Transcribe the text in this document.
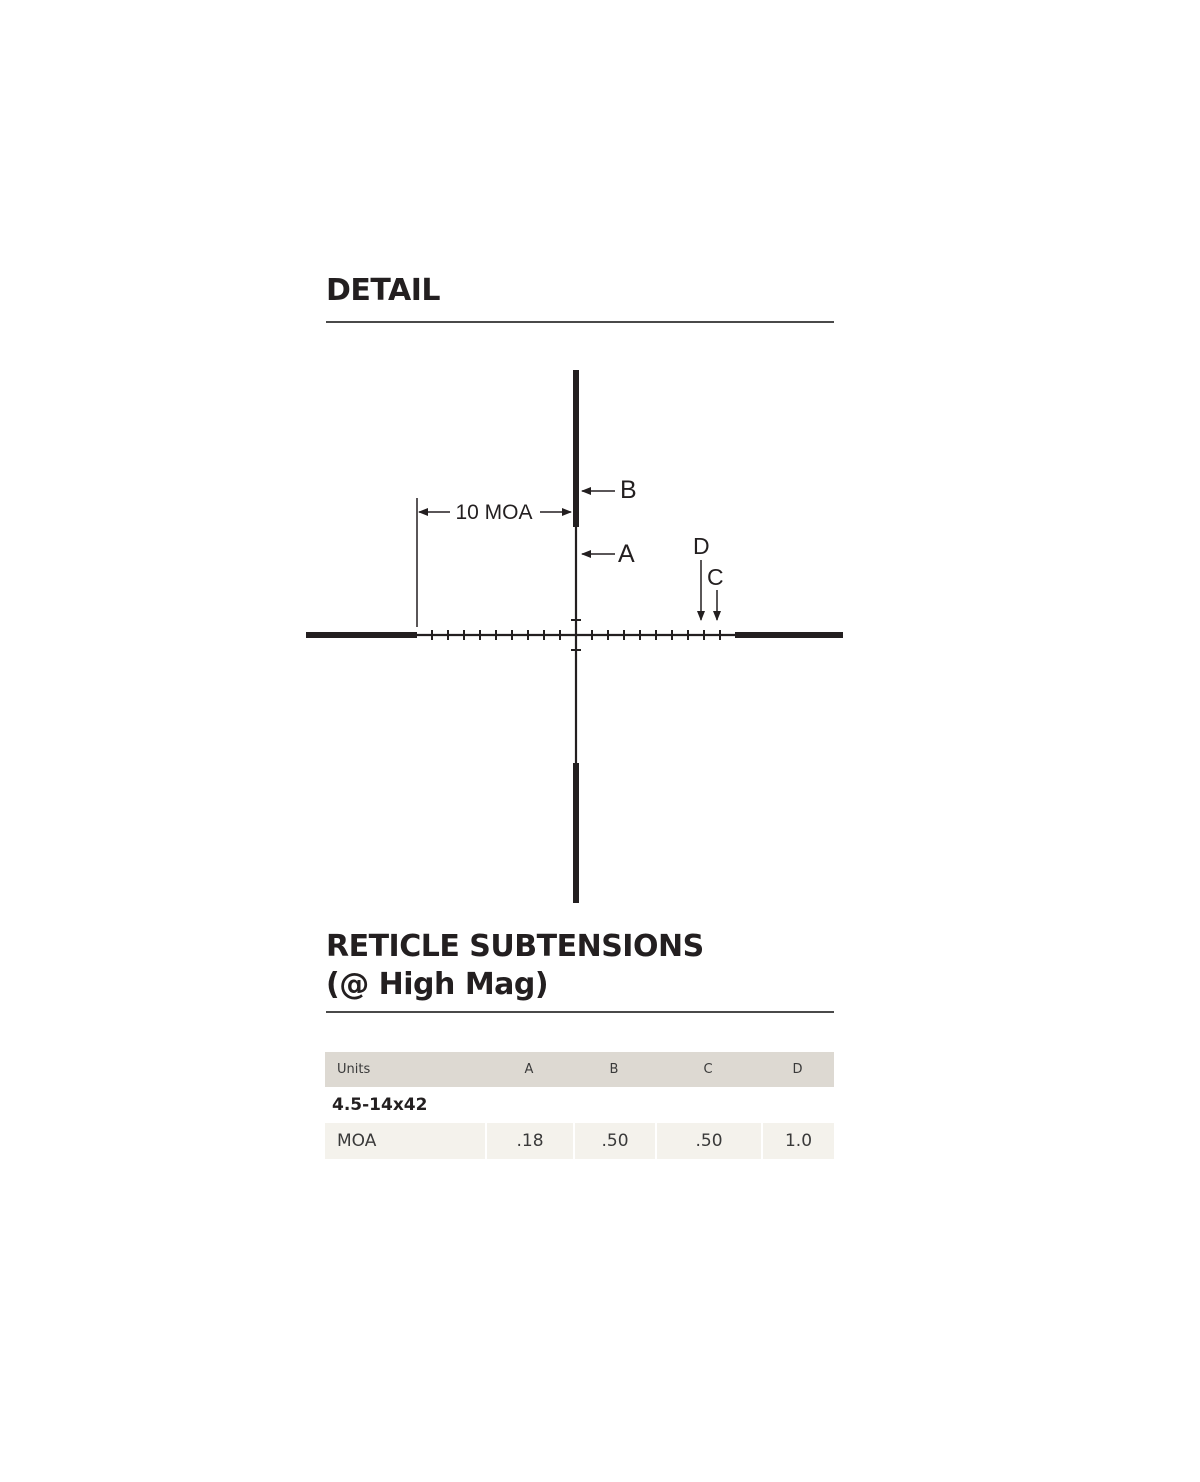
DETAIL
10 MOA
B
A	D
C
RETICLE SUBTENSIONS
(@ High Mag)
Units	A	B	C	D
4.5-14x42				
MOA	.18	.50	.50	1.0
